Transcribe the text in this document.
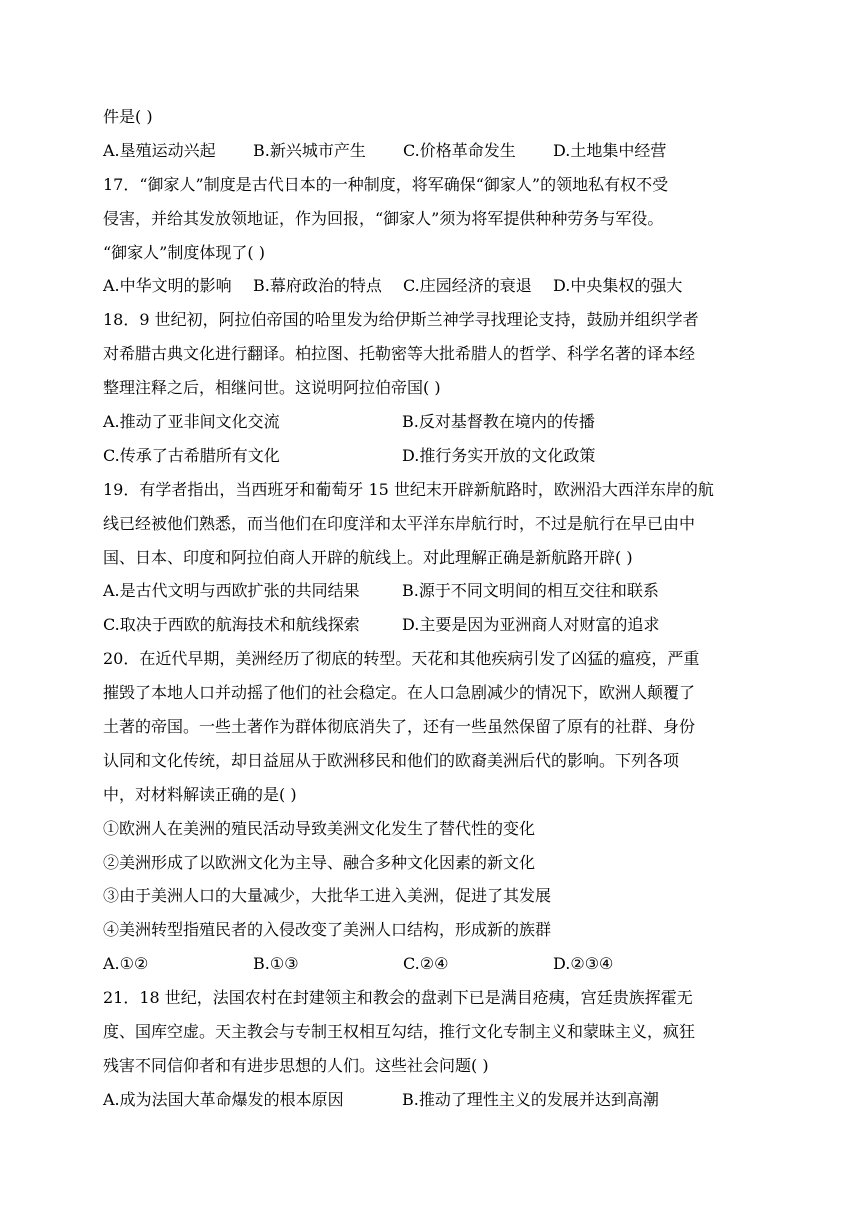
件是( )
A.垦殖运动兴起	B.新兴城市产生	C.价格革命发生	D.土地集中经营
17．“御家人”制度是古代日本的一种制度，将军确保“御家人”的领地私有权不受
侵害，并给其发放领地证，作为回报，“御家人”须为将军提供种种劳务与军役。
“御家人”制度体现了( )
A.中华文明的影响	B.幕府政治的特点	C.庄园经济的衰退	D.中央集权的强大
18．9 世纪初，阿拉伯帝国的哈里发为给伊斯兰神学寻找理论支持，鼓励并组织学者
对希腊古典文化进行翻译。柏拉图、托勒密等大批希腊人的哲学、科学名著的译本经
整理注释之后，相继问世。这说明阿拉伯帝国( )
A.推动了亚非间文化交流	B.反对基督教在境内的传播
C.传承了古希腊所有文化	D.推行务实开放的文化政策
19．有学者指出，当西班牙和葡萄牙 15 世纪末开辟新航路时，欧洲沿大西洋东岸的航
线已经被他们熟悉，而当他们在印度洋和太平洋东岸航行时，不过是航行在早已由中
国、日本、印度和阿拉伯商人开辟的航线上。对此理解正确是新航路开辟( )
A.是古代文明与西欧扩张的共同结果	B.源于不同文明间的相互交往和联系
C.取决于西欧的航海技术和航线探索	D.主要是因为亚洲商人对财富的追求
20．在近代早期，美洲经历了彻底的转型。天花和其他疾病引发了凶猛的瘟疫，严重
摧毁了本地人口并动摇了他们的社会稳定。在人口急剧减少的情况下，欧洲人颠覆了
土著的帝国。一些土著作为群体彻底消失了，还有一些虽然保留了原有的社群、身份
认同和文化传统，却日益屈从于欧洲移民和他们的欧裔美洲后代的影响。下列各项
中，对材料解读正确的是( )
①欧洲人在美洲的殖民活动导致美洲文化发生了替代性的变化
②美洲形成了以欧洲文化为主导、融合多种文化因素的新文化
③由于美洲人口的大量减少，大批华工进入美洲，促进了其发展
④美洲转型指殖民者的入侵改变了美洲人口结构，形成新的族群
A.①②	B.①③	C.②④	D.②③④
21．18 世纪，法国农村在封建领主和教会的盘剥下已是满目疮痍，宫廷贵族挥霍无
度、国库空虚。天主教会与专制王权相互勾结，推行文化专制主义和蒙昧主义，疯狂
残害不同信仰者和有进步思想的人们。这些社会问题( )
A.成为法国大革命爆发的根本原因	B.推动了理性主义的发展并达到高潮
